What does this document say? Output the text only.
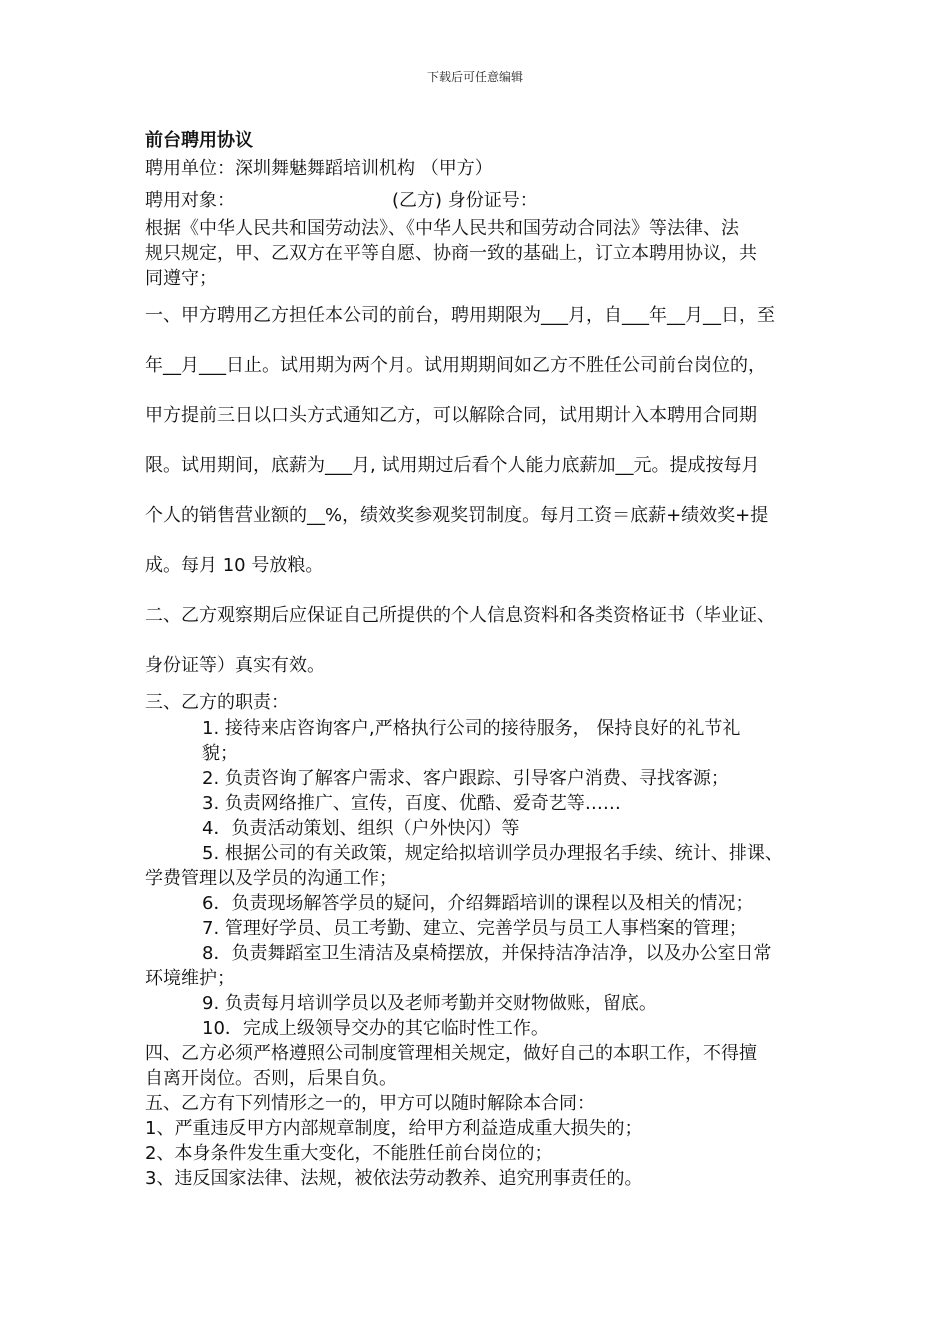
下载后可任意编辑
前台聘用协议
聘用单位：深圳舞魅舞蹈培训机构 （甲方）
聘用对象：	(乙方) 身份证号：
根据《中华人民共和国劳动法》、《中华人民共和国劳动合同法》等法律、法
规只规定，甲、乙双方在平等自愿、协商一致的基础上，订立本聘用协议，共
同遵守；
一、甲方聘用乙方担任本公司的前台，聘用期限为___月，自___年__月__日，至
年__月___日止。试用期为两个月。试用期期间如乙方不胜任公司前台岗位的，
甲方提前三日以口头方式通知乙方，可以解除合同，试用期计入本聘用合同期
限。试用期间，底薪为___月, 试用期过后看个人能力底薪加__元。提成按每月
个人的销售营业额的__%，绩效奖参观奖罚制度。每月工资＝底薪+绩效奖+提
成。每月 10 号放粮。
二、乙方观察期后应保证自己所提供的个人信息资料和各类资格证书（毕业证、
身份证等）真实有效。
三、乙方的职责：
1. 接待来店咨询客户,严格执行公司的接待服务， 保持良好的礼节礼
貌；
2. 负责咨询了解客户需求、客户跟踪、引导客户消费、寻找客源；
3. 负责网络推广、宣传，百度、优酷、爱奇艺等……
4．负责活动策划、组织（户外快闪）等
5. 根据公司的有关政策，规定给拟培训学员办理报名手续、统计、排课、
学费管理以及学员的沟通工作；
6．负责现场解答学员的疑问，介绍舞蹈培训的课程以及相关的情况；
7. 管理好学员、员工考勤、建立、完善学员与员工人事档案的管理；
8．负责舞蹈室卫生清洁及桌椅摆放，并保持洁净洁净，以及办公室日常
环境维护；
9. 负责每月培训学员以及老师考勤并交财物做账，留底。
10．完成上级领导交办的其它临时性工作。
四、乙方必须严格遵照公司制度管理相关规定，做好自己的本职工作，不得擅
自离开岗位。否则，后果自负。
五、乙方有下列情形之一的，甲方可以随时解除本合同：
1、严重违反甲方内部规章制度，给甲方利益造成重大损失的；
2、本身条件发生重大变化，不能胜任前台岗位的；
3、违反国家法律、法规，被依法劳动教养、追究刑事责任的。
